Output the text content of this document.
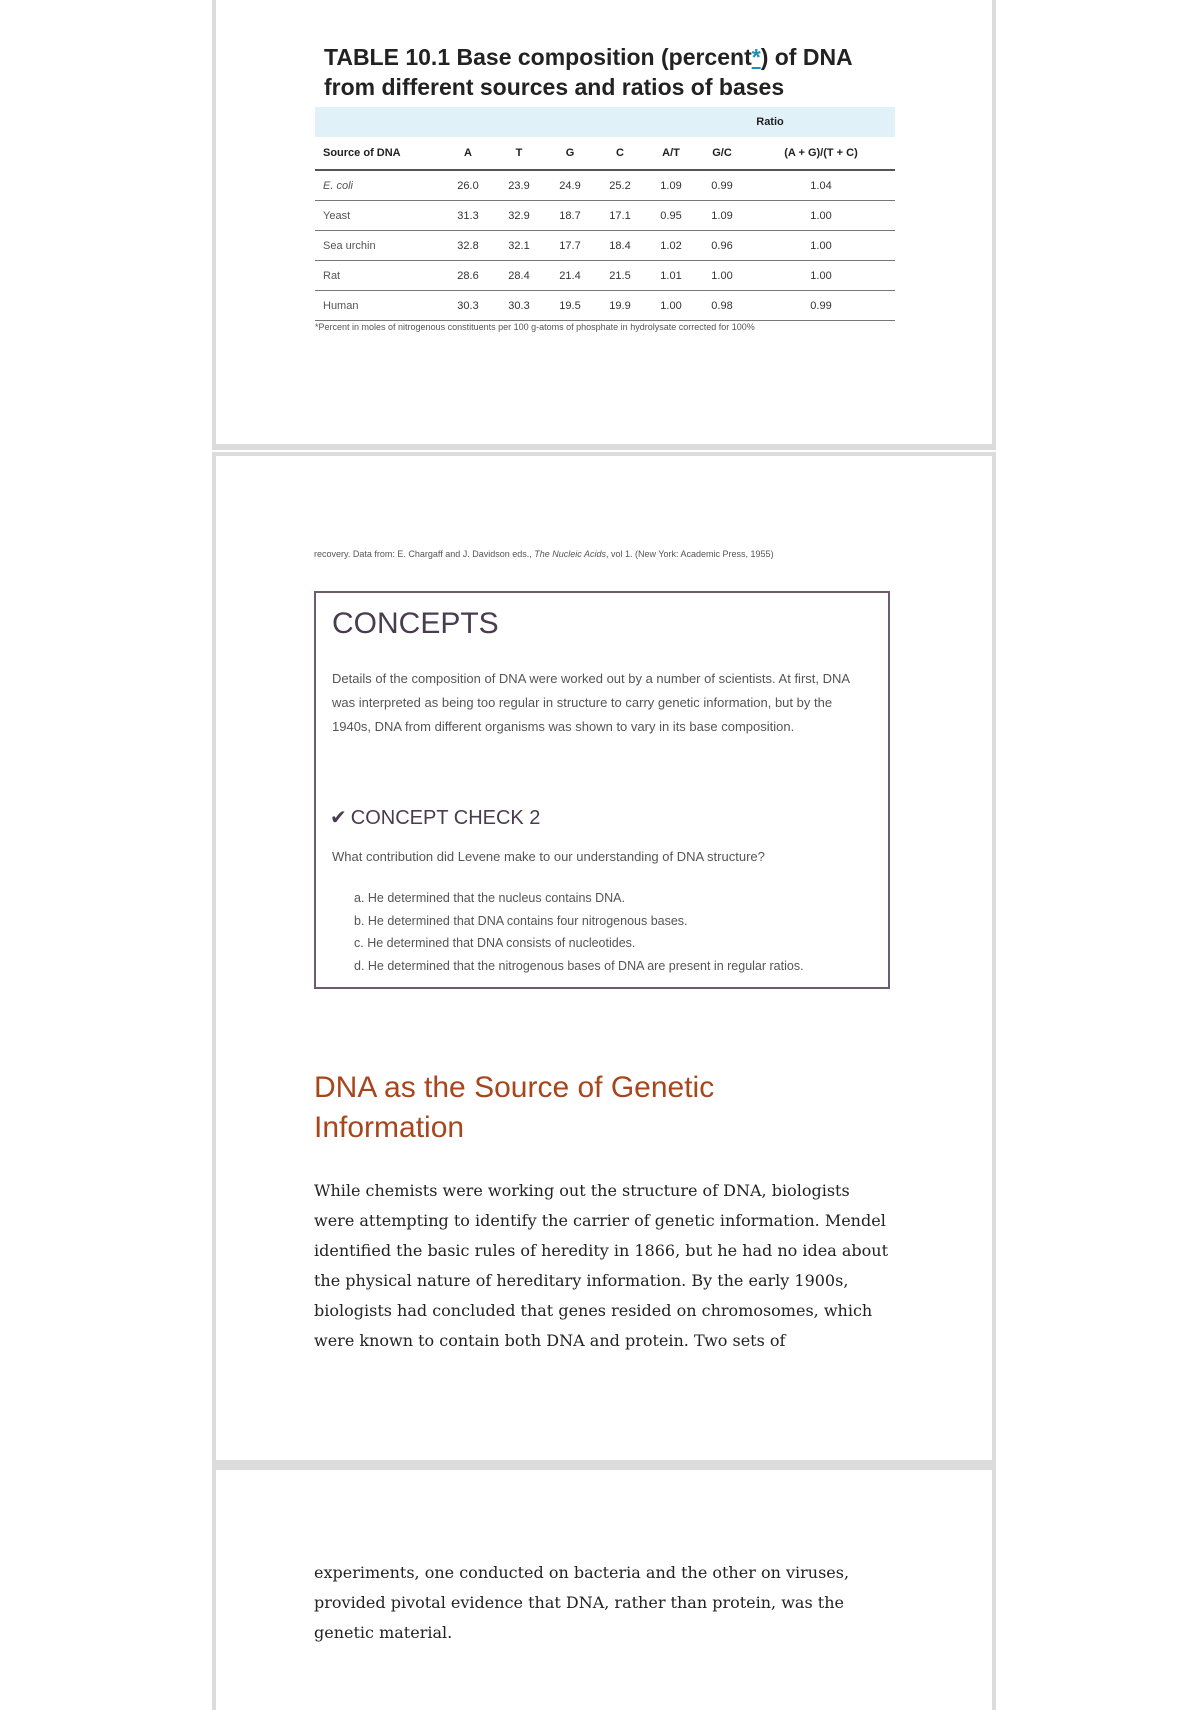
TABLE 10.1 Base composition (percent*) of DNA from different sources and ratios of bases
					Ratio		
Source of DNA	A	T	G	C	A/T	G/C	(A + G)/(T + C)
E. coli	26.0	23.9	24.9	25.2	1.09	0.99	1.04
Yeast	31.3	32.9	18.7	17.1	0.95	1.09	1.00
Sea urchin	32.8	32.1	17.7	18.4	1.02	0.96	1.00
Rat	28.6	28.4	21.4	21.5	1.01	1.00	1.00
Human	30.3	30.3	19.5	19.9	1.00	0.98	0.99
*Percent in moles of nitrogenous constituents per 100 g-atoms of phosphate in hydrolysate corrected for 100%
recovery. Data from: E. Chargaff and J. Davidson eds., The Nucleic Acids, vol 1. (New York: Academic Press, 1955)
CONCEPTS
Details of the composition of DNA were worked out by a number of scientists. At first, DNA was interpreted as being too regular in structure to carry genetic information, but by the 1940s, DNA from different organisms was shown to vary in its base composition.
✔ CONCEPT CHECK 2
What contribution did Levene make to our understanding of DNA structure?
a. He determined that the nucleus contains DNA.
b. He determined that DNA contains four nitrogenous bases.
c. He determined that DNA consists of nucleotides.
d. He determined that the nitrogenous bases of DNA are present in regular ratios.
DNA as the Source of Genetic Information

While chemists were working out the structure of DNA, biologists were attempting to identify the carrier of genetic information. Mendel identified the basic rules of heredity in 1866, but he had no idea about the physical nature of hereditary information. By the early 1900s, biologists had concluded that genes resided on chromosomes, which were known to contain both DNA and protein. Two sets of

experiments, one conducted on bacteria and the other on viruses, provided pivotal evidence that DNA, rather than protein, was the genetic material.
